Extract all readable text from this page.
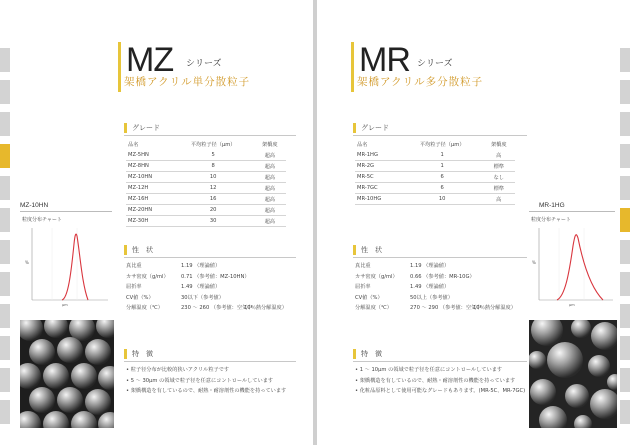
MZ シリーズ
架橋アクリル単分散粒子
グレード
品名	平均粒子径（μm）	架橋度
MZ-5HN	5	超高
MZ-8HN	8	超高
MZ-10HN	10	超高
MZ-12H	12	超高
MZ-16H	16	超高
MZ-20HN	20	超高
MZ-30H	30	超高
性　状
真比重	1.19 （理論値）
カサ密度（g/ml） 0.71 （参考値：MZ-10HN）
屈折率	1.49 （理論値）
CV値（%）	30以下（参考値）
分解温度（℃）	230 ～ 260 （参考値：空気中
10％熱分解温度）
特　徴
• 粒子径分布が比較的狭いアクリル粒子です
• 5 ～ 30μm の領域で粒子径を任意にコントロールしています
• 架橋構造を有しているので、耐熱・耐溶剤性の機能を持っています
MZ-10HN
粒度分布チャート
%
μm
MR シリーズ
架橋アクリル多分散粒子
グレード
品名	平均粒子径（μm）	架橋度
MR-1HG	1	高
MR-2G	1	標準
MR-5C	6	なし
MR-7GC	6	標準
MR-10HG	10	高
性　状
真比重	1.19 （理論値）
カサ密度（g/ml） 0.66 （参考値：MR-10G）
屈折率	1.49 （理論値）
CV値（%）	50以上（参考値）
分解温度（℃）	270 ～ 290 （参考値：空気中
10％熱分解温度）
特　徴
• 1 ～ 10μm の領域で粒子径を任意にコントロールしています
• 架橋構造を有しているので、耐熱・耐溶剤性の機能を持っています
• 化粧品原料として使用可能なグレードもあります。(MR-5C、MR-7GC)
MR-1HG
粒度分布チャート
%
μm
